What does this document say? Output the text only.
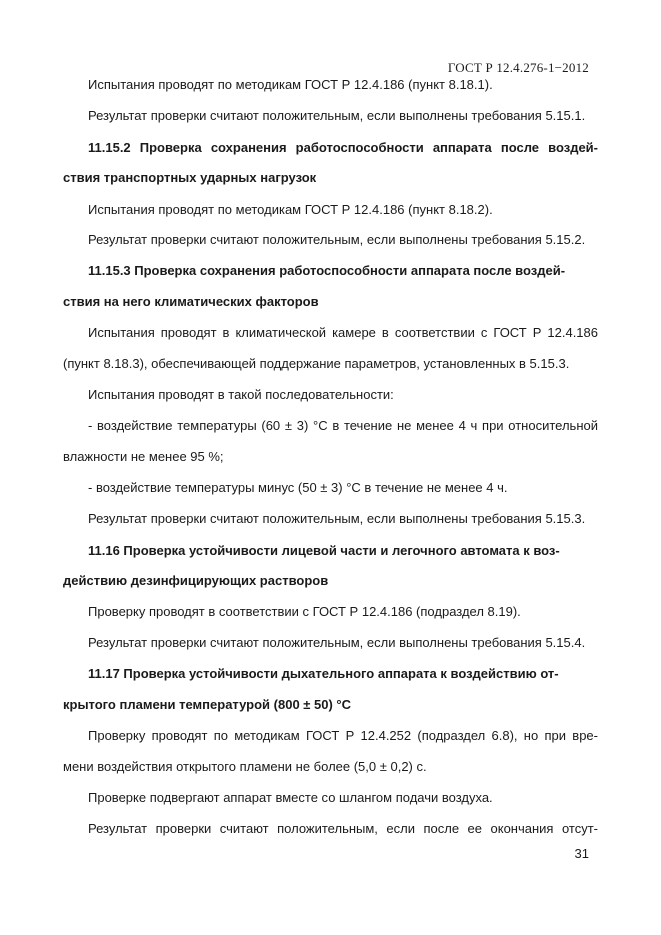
ГОСТ Р 12.4.276-1−2012
Испытания проводят по методикам ГОСТ Р 12.4.186 (пункт 8.18.1).
Результат проверки считают положительным, если выполнены требования 5.15.1.
11.15.2 Проверка сохранения работоспособности аппарата после воздей-
ствия транспортных ударных нагрузок
Испытания проводят по методикам ГОСТ Р 12.4.186 (пункт 8.18.2).
Результат проверки считают положительным, если выполнены требования 5.15.2.
11.15.3 Проверка сохранения работоспособности аппарата после воздей-
ствия на него климатических факторов
Испытания проводят в климатической камере в соответствии с ГОСТ Р 12.4.186
(пункт 8.18.3), обеспечивающей поддержание параметров, установленных в 5.15.3.
Испытания проводят в такой последовательности:
- воздействие температуры (60 ± 3) °С в течение не менее 4 ч при относительной
влажности не менее 95 %;
- воздействие температуры минус (50 ± 3) °С в течение не менее 4 ч.
Результат проверки считают положительным, если выполнены требования 5.15.3.
11.16 Проверка устойчивости лицевой части и легочного автомата к воз-
действию дезинфицирующих растворов
Проверку проводят в соответствии с ГОСТ Р 12.4.186 (подраздел 8.19).
Результат проверки считают положительным, если выполнены требования 5.15.4.
11.17 Проверка устойчивости дыхательного аппарата к воздействию от-
крытого пламени температурой (800 ± 50) °С
Проверку проводят по методикам ГОСТ Р 12.4.252 (подраздел 6.8), но при вре-
мени воздействия открытого пламени не более (5,0 ± 0,2) с.
Проверке подвергают аппарат вместе со шлангом подачи воздуха.
Результат проверки считают положительным, если после ее окончания отсут-
31
